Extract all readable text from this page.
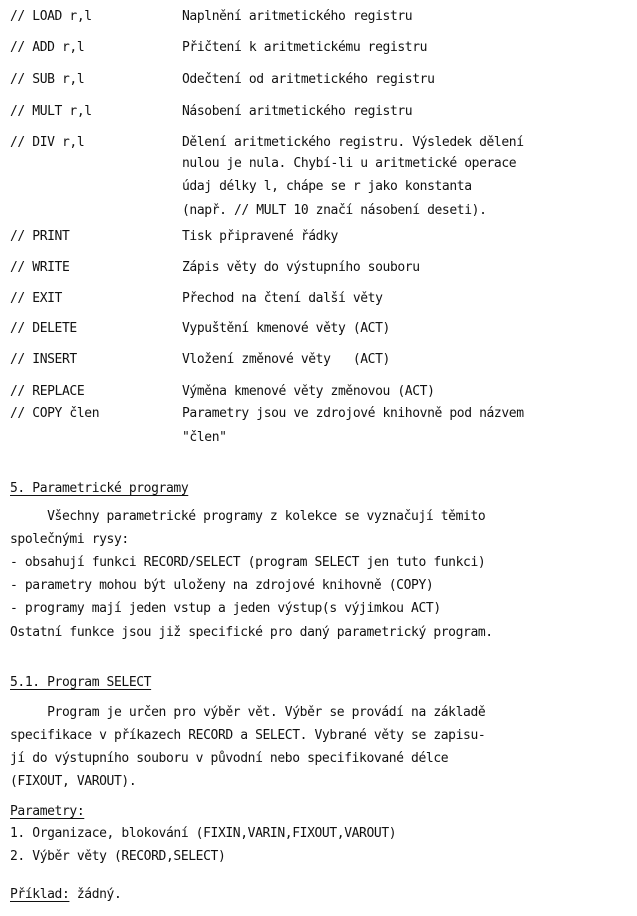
// LOAD r,l	Naplnění aritmetického registru
// ADD r,l	Přičtení k aritmetickému registru
// SUB r,l	Odečtení od aritmetického registru
// MULT r,l	Násobení aritmetického registru
// DIV r,l	Dělení aritmetického registru. Výsledek dělení
nulou je nula. Chybí-li u aritmetické operace
údaj délky l, chápe se r jako konstanta
(např. // MULT 10 značí násobení deseti).
// PRINT	Tisk připravené řádky
// WRITE	Zápis věty do výstupního souboru
// EXIT	Přechod na čtení další věty
// DELETE	Vypuštění kmenové věty (ACT)
// INSERT	Vložení změnové věty   (ACT)
// REPLACE	Výměna kmenové věty změnovou (ACT)
// COPY člen	Parametry jsou ve zdrojové knihovně pod názvem
"člen"
5. Parametrické programy
Všechny parametrické programy z kolekce se vyznačují těmito
společnými rysy:
- obsahují funkci RECORD/SELECT (program SELECT jen tuto funkci)
- parametry mohou být uloženy na zdrojové knihovně (COPY)
- programy mají jeden vstup a jeden výstup(s výjimkou ACT)
Ostatní funkce jsou již specifické pro daný parametrický program.
5.1. Program SELECT
Program je určen pro výběr vět. Výběr se provádí na základě
specifikace v příkazech RECORD a SELECT. Vybrané věty se zapisu-
jí do výstupního souboru v původní nebo specifikované délce
(FIXOUT, VAROUT).
Parametry:
1. Organizace, blokování (FIXIN,VARIN,FIXOUT,VAROUT)
2. Výběr věty (RECORD,SELECT)
Příklad: žádný.
